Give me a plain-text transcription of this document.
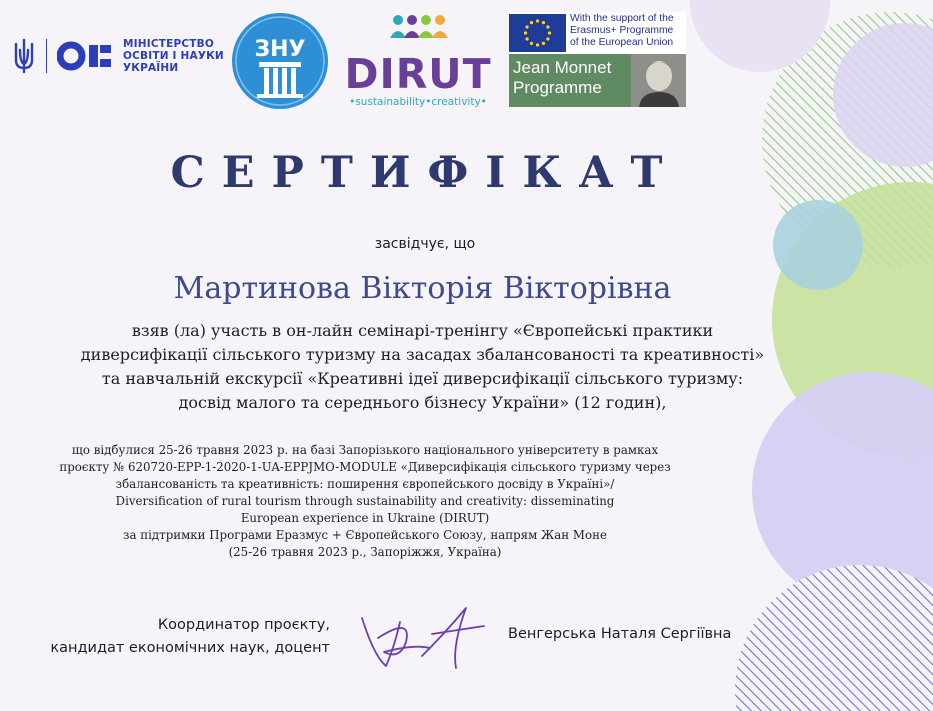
МІНІСТЕРСТВО
ОСВІТИ І НАУКИ
УКРАЇНИ
ЗНУ
DIRUT
•sustainability•creativity•
With the support of the
Erasmus+ Programme
of the European Union
Jean Monnet
Programme
СЕРТИФІКАТ
засвідчує, що
Мартинова Вікторія Вікторівна
взяв (ла) участь в он-лайн семінарі-тренінгу «Європейські практики
диверсифікації сільського туризму на засадах збалансованості та креативності»
та навчальній екскурсії «Креативні ідеї диверсифікації сільського туризму:
досвід малого та середнього бізнесу України» (12 годин),
що відбулися 25-26 травня 2023 р. на базі Запорізького національного університету в рамках
проєкту № 620720-EPP-1-2020-1-UA-EPPJMO-MODULE «Диверсифікація сільського туризму через
збалансованість та креативність: поширення європейського досвіду в Україні»/
Diversification of rural tourism through sustainability and creativity: disseminating
European experience in Ukraine (DIRUT)
за підтримки Програми Еразмус + Європейського Союзу, напрям Жан Моне
(25-26 травня 2023 р., Запоріжжя, Україна)
Координатор проєкту,
кандидат економічних наук, доцент
Венгерська Наталя Сергіївна
